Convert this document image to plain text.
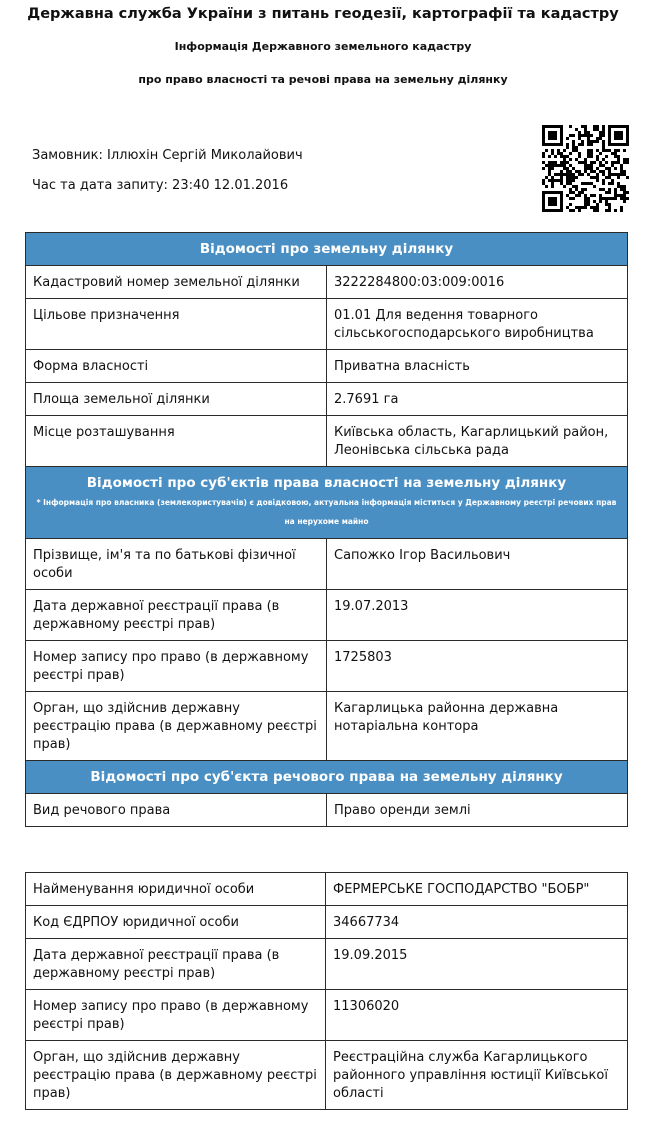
Державна служба України з питань геодезії, картографії та кадастру
Інформація Державного земельного кадастру
про право власності та речові права на земельну ділянку
Замовник: Іллюхін Сергій Миколайович
Час та дата запиту: 23:40 12.01.2016
Відомості про земельну ділянку	
Кадастровий номер земельної ділянки	3222284800:03:009:0016
Цільове призначення	01.01 Для ведення товарного сільськогосподарського виробництва
Форма власності	Приватна власність
Площа земельної ділянки	2.7691 га
Місце розташування	Київська область, Кагарлицький район, Леонівська сільська рада
Відомості про суб'єктів права власності на земельну ділянку
* Інформація про власника (землекористувачів) є довідковою, актуальна інформація міститься у Державному реєстрі речових прав на нерухоме майно	

Прізвище, ім'я та по батькові фізичної особи	Сапожко Ігор Васильович
Дата державної реєстрації права (в державному реєстрі прав)	19.07.2013
Номер запису про право (в державному реєстрі прав)	1725803
Орган, що здійснив державну реєстрацію права (в державному реєстрі прав)	Кагарлицька районна державна нотаріальна контора
Відомості про суб'єкта речового права на земельну ділянку	
Вид речового права	Право оренди землі
Найменування юридичної особи	ФЕРМЕРСЬКЕ ГОСПОДАРСТВО "БОБР"
Код ЄДРПОУ юридичної особи	34667734
Дата державної реєстрації права (в державному реєстрі прав)	19.09.2015
Номер запису про право (в державному реєстрі прав)	11306020
Орган, що здійснив державну реєстрацію права (в державному реєстрі прав)	Реєстраційна служба Кагарлицького районного управління юстиції Київської області
